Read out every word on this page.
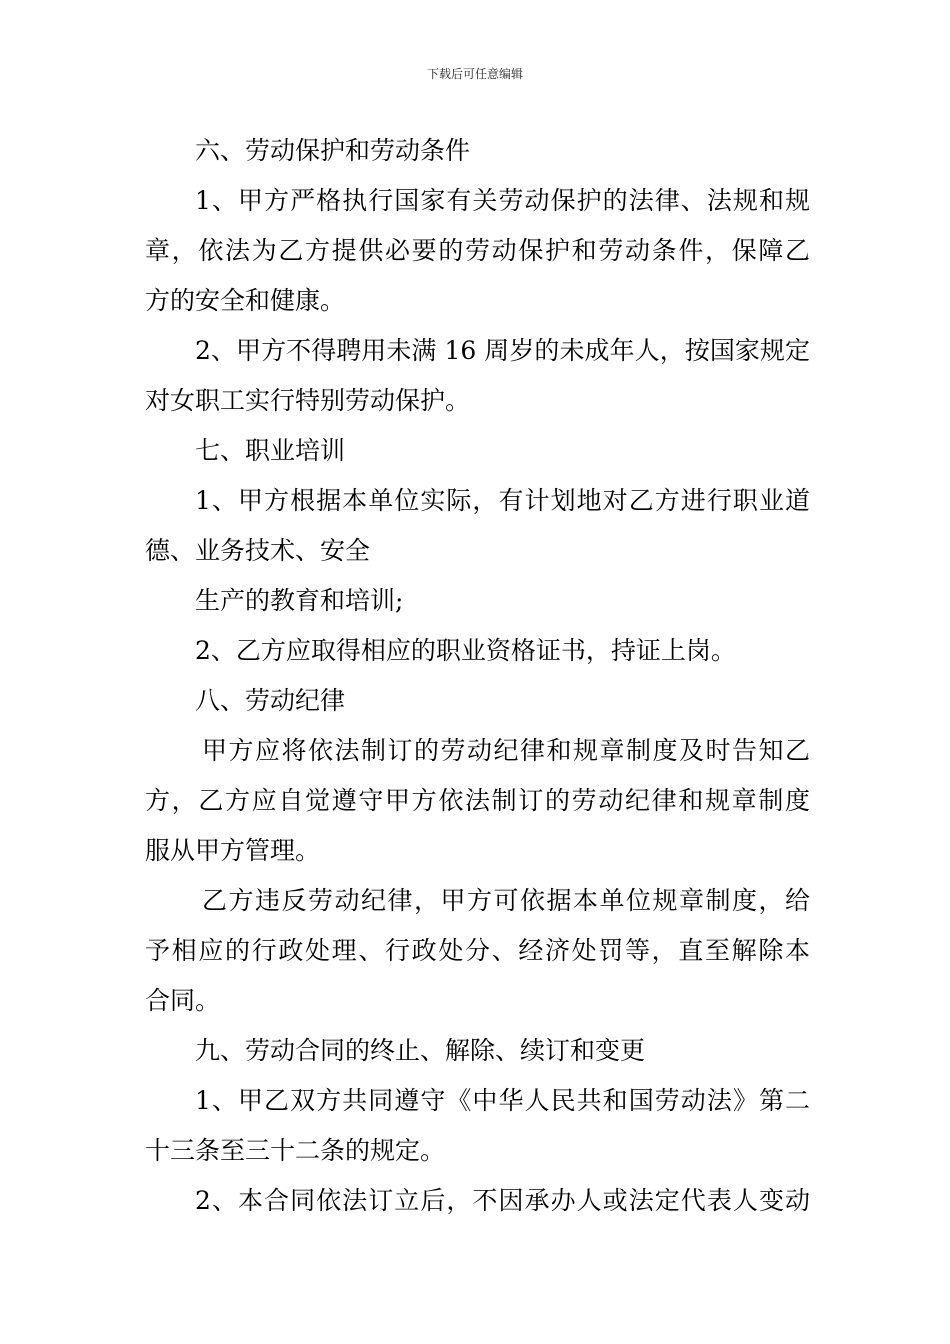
下载后可任意编辑
六、劳动保护和劳动条件
1、甲方严格执行国家有关劳动保护的法律、法规和规
章，依法为乙方提供必要的劳动保护和劳动条件，保障乙
方的安全和健康。
2、甲方不得聘用未满 16 周岁的未成年人，按国家规定
对女职工实行特别劳动保护。
七、职业培训
1、甲方根据本单位实际，有计划地对乙方进行职业道
德、业务技术、安全
生产的教育和培训;
2、乙方应取得相应的职业资格证书，持证上岗。
八、劳动纪律
甲方应将依法制订的劳动纪律和规章制度及时告知乙
方，乙方应自觉遵守甲方依法制订的劳动纪律和规章制度
服从甲方管理。
乙方违反劳动纪律，甲方可依据本单位规章制度，给
予相应的行政处理、行政处分、经济处罚等，直至解除本
合同。
九、劳动合同的终止、解除、续订和变更
1、甲乙双方共同遵守《中华人民共和国劳动法》第二
十三条至三十二条的规定。
2、本合同依法订立后，不因承办人或法定代表人变动
